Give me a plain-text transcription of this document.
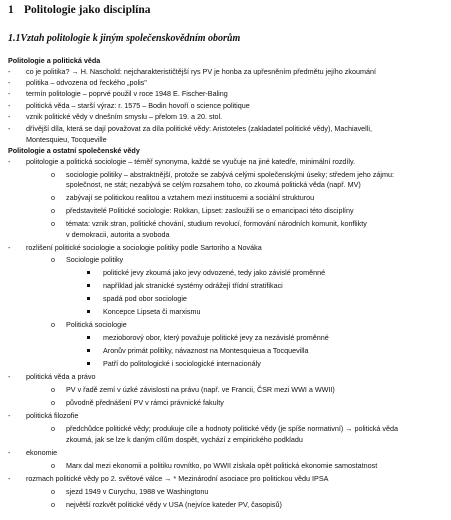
1 Politologie jako disciplína
1.1Vztah politologie k jiným společenskovědním oborům
Politologie a politická věda
co je politika? → H. Naschold: nejcharakterističtější rys PV je honba za upřesněním předmětu jejího zkoumání
-
politika – odvozena od řeckého „polis"
-
termín politologie – poprvé použil v roce 1948 E. Fischer-Baling
-
politická věda – starší výraz: r. 1575 – Bodin hovoří o science politique
-
vznik politické vědy v dnešním smyslu – přelom 19. a 20. stol.
-
dřívější díla, která se dají považovat za díla politické vědy: Aristoteles (zakladatel politické vědy), Machiavelli,
-
Montesquieu, Tocqueville
Politologie a ostatní společenské vědy
politologie a politická sociologie – téměř synonyma, každé se vyučuje na jiné katedře, minimální rozdíly.
-
sociologie politiky – abstraktnější, protože se zabývá celými společenskými úseky; středem jeho zájmu:
o
společnost, ne stát; nezabývá se celým rozsahem toho, co zkoumá politická věda (např. MV)
zabývají se politickou realitou a vztahem mezi institucemi a sociální strukturou
o
představitelé Politické sociologie: Rokkan, Lipset: zasloužili se o emancipaci této disciplíny
o
témata: vznik stran, politické chování, studium revolucí, formování národních komunit, konflikty
o
v demokracii, autorita a svoboda
rozlišení politické sociologie a sociologie politiky podle Sartoriho a Nováka
-
Sociologie politiky
o
politické jevy zkoumá jako jevy odvozené, tedy jako závislé proměnné
například jak stranické systémy odrážejí třídní stratifikaci
spadá pod obor sociologie
Koncepce Lipseta či marxismu
Politická sociologie
o
mezioborový obor, který považuje politické jevy za nezávislé proměnné
Aronův primát politiky, návaznost na Montesquieua a Tocquevilla
Patří do politologické i sociologické internacionály
politická věda a právo
-
PV v řadě zemí v úzké závislosti na právu (např. ve Francii, ČSR mezi WWI a WWII)
o
původně přednášení PV v rámci právnické fakulty
o
politická filozofie
-
předchůdce politické vědy; produkuje cíle a hodnoty politické vědy (je spíše normativní) → politická věda
o
zkoumá, jak se lze k daným cílům dospět, vychází z empirického podkladu
ekonomie
-
Marx dal mezi ekonomii a politiku rovnítko, po WWII získala opět politická ekonomie samostatnost
o
rozmach politické vědy po 2. světové válce → * Mezinárodní asociace pro politickou vědu IPSA
-
sjezd 1949 v Curychu, 1988 ve Washingtonu
o
největší rozkvět politické vědy v USA (nejvíce kateder PV, časopisů)
o
